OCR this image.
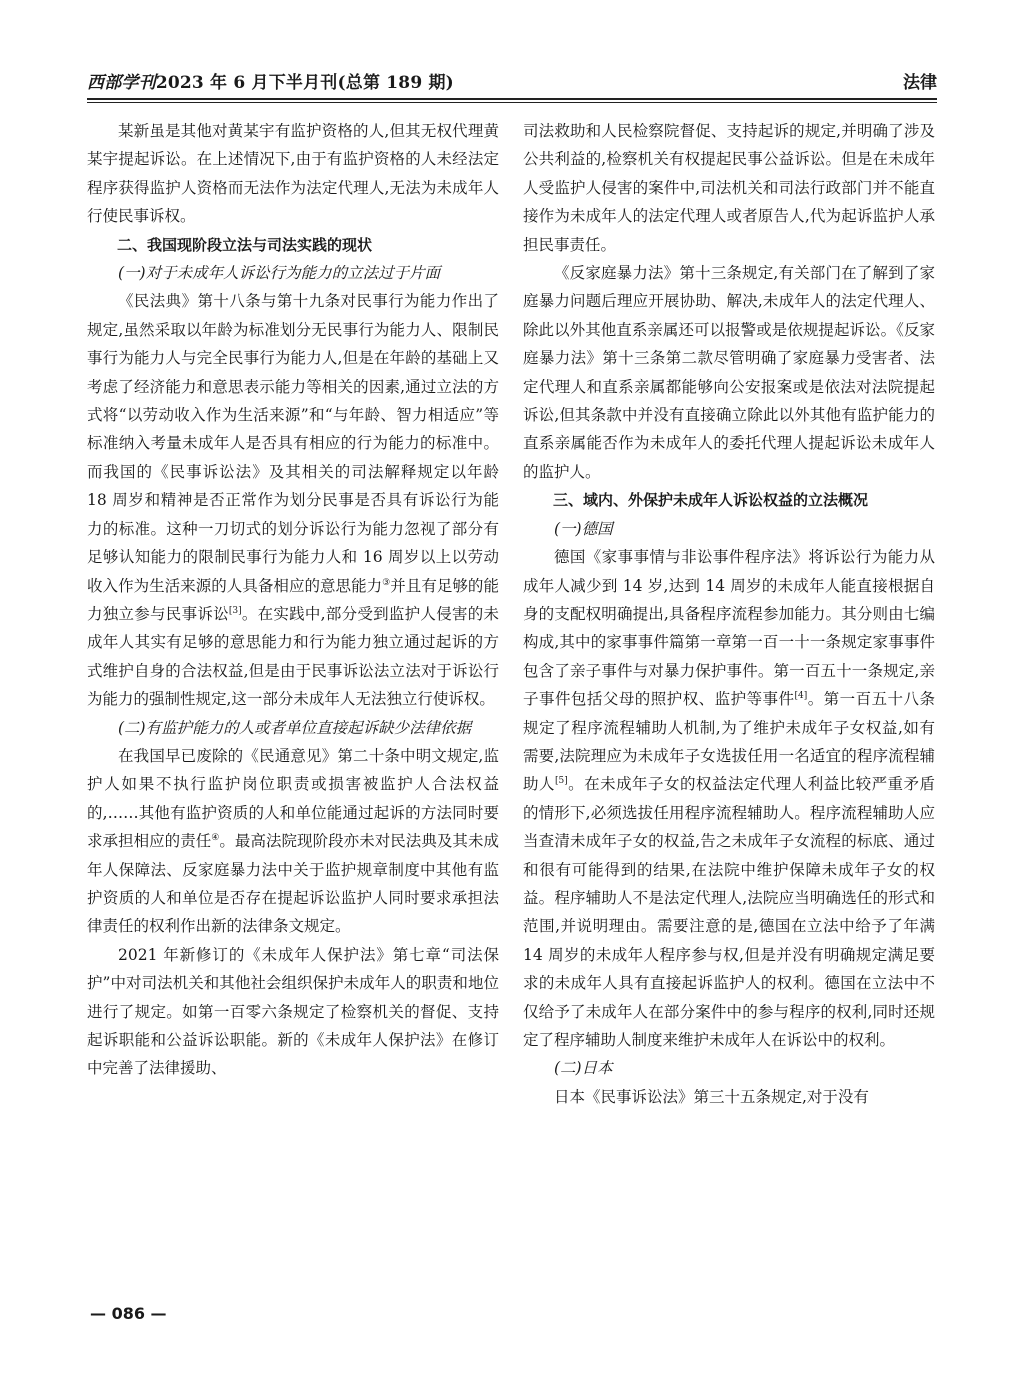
西部学刊2023 年 6 月下半月刊(总第 189 期)	法律

某新虽是其他对黄某宇有监护资格的人,但其无权代理黄某宇提起诉讼。在上述情况下,由于有监护资格的人未经法定程序获得监护人资格而无法作为法定代理人,无法为未成年人行使民事诉权。

二、我国现阶段立法与司法实践的现状

(一)对于未成年人诉讼行为能力的立法过于片面

《民法典》第十八条与第十九条对民事行为能力作出了规定,虽然采取以年龄为标准划分无民事行为能力人、限制民事行为能力人与完全民事行为能力人,但是在年龄的基础上又考虑了经济能力和意思表示能力等相关的因素,通过立法的方式将“以劳动收入作为生活来源”和“与年龄、智力相适应”等标准纳入考量未成年人是否具有相应的行为能力的标准中。而我国的《民事诉讼法》及其相关的司法解释规定以年龄 18 周岁和精神是否正常作为划分民事是否具有诉讼行为能力的标准。这种一刀切式的划分诉讼行为能力忽视了部分有足够认知能力的限制民事行为能力人和 16 周岁以上以劳动收入作为生活来源的人具备相应的意思能力③并且有足够的能力独立参与民事诉讼[3]。在实践中,部分受到监护人侵害的未成年人其实有足够的意思能力和行为能力独立通过起诉的方式维护自身的合法权益,但是由于民事诉讼法立法对于诉讼行为能力的强制性规定,这一部分未成年人无法独立行使诉权。

(二)有监护能力的人或者单位直接起诉缺少法律依据

在我国早已废除的《民通意见》第二十条中明文规定,监护人如果不执行监护岗位职责或损害被监护人合法权益的,……其他有监护资质的人和单位能通过起诉的方法同时要求承担相应的责任④。最高法院现阶段亦未对民法典及其未成年人保障法、反家庭暴力法中关于监护规章制度中其他有监护资质的人和单位是否存在提起诉讼监护人同时要求承担法律责任的权利作出新的法律条文规定。

2021 年新修订的《未成年人保护法》第七章“司法保护”中对司法机关和其他社会组织保护未成年人的职责和地位进行了规定。如第一百零六条规定了检察机关的督促、支持起诉职能和公益诉讼职能。新的《未成年人保护法》在修订中完善了法律援助、

司法救助和人民检察院督促、支持起诉的规定,并明确了涉及公共利益的,检察机关有权提起民事公益诉讼。但是在未成年人受监护人侵害的案件中,司法机关和司法行政部门并不能直接作为未成年人的法定代理人或者原告人,代为起诉监护人承担民事责任。

《反家庭暴力法》第十三条规定,有关部门在了解到了家庭暴力问题后理应开展协助、解决,未成年人的法定代理人、除此以外其他直系亲属还可以报警或是依规提起诉讼。《反家庭暴力法》第十三条第二款尽管明确了家庭暴力受害者、法定代理人和直系亲属都能够向公安报案或是依法对法院提起诉讼,但其条款中并没有直接确立除此以外其他有监护能力的直系亲属能否作为未成年人的委托代理人提起诉讼未成年人的监护人。

三、域内、外保护未成年人诉讼权益的立法概况

(一)德国

德国《家事事情与非讼事件程序法》将诉讼行为能力从成年人减少到 14 岁,达到 14 周岁的未成年人能直接根据自身的支配权明确提出,具备程序流程参加能力。其分则由七编构成,其中的家事事件篇第一章第一百一十一条规定家事事件包含了亲子事件与对暴力保护事件。第一百五十一条规定,亲子事件包括父母的照护权、监护等事件[4]。第一百五十八条规定了程序流程辅助人机制,为了维护未成年子女权益,如有需要,法院理应为未成年子女选拔任用一名适宜的程序流程辅助人[5]。在未成年子女的权益法定代理人利益比较严重矛盾的情形下,必须选拔任用程序流程辅助人。程序流程辅助人应当查清未成年子女的权益,告之未成年子女流程的标底、通过和很有可能得到的结果,在法院中维护保障未成年子女的权益。程序辅助人不是法定代理人,法院应当明确选任的形式和范围,并说明理由。需要注意的是,德国在立法中给予了年满 14 周岁的未成年人程序参与权,但是并没有明确规定满足要求的未成年人具有直接起诉监护人的权利。德国在立法中不仅给予了未成年人在部分案件中的参与程序的权利,同时还规定了程序辅助人制度来维护未成年人在诉讼中的权利。

(二)日本

日本《民事诉讼法》第三十五条规定,对于没有

— 086 —
